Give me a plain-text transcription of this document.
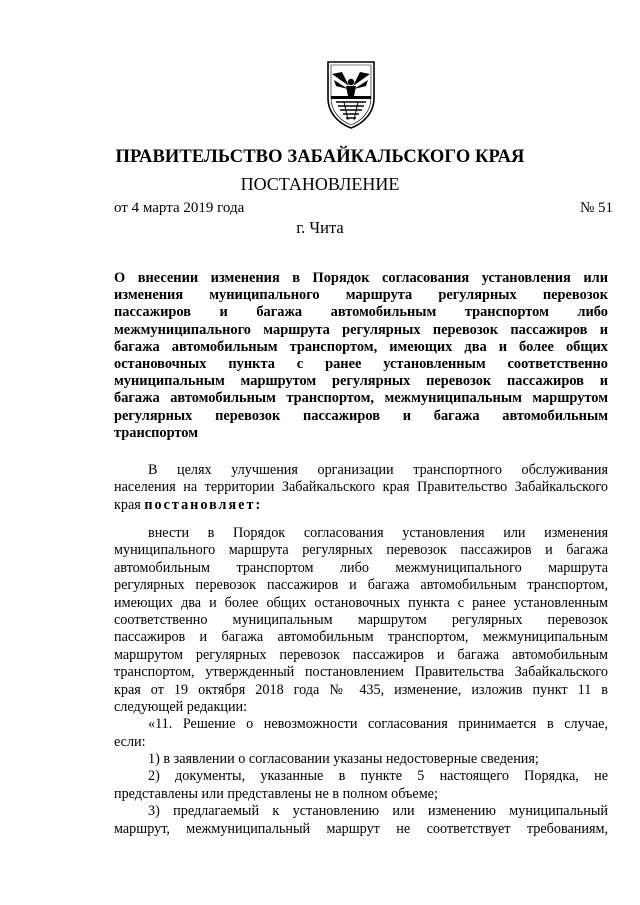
ПРАВИТЕЛЬСТВО ЗАБАЙКАЛЬСКОГО КРАЯ
ПОСТАНОВЛЕНИЕ
от 4 марта 2019 года	№ 51
г. Чита
О внесении изменения в Порядок согласования установления или
изменения муниципального маршрута регулярных перевозок
пассажиров и багажа автомобильным транспортом либо
межмуниципального маршрута регулярных перевозок пассажиров и
багажа автомобильным транспортом, имеющих два и более общих
остановочных пункта с ранее установленным соответственно
муниципальным маршрутом регулярных перевозок пассажиров и
багажа автомобильным транспортом, межмуниципальным маршрутом
регулярных перевозок пассажиров и багажа автомобильным
транспортом
В целях улучшения организации транспортного обслуживания
населения на территории Забайкальского края Правительство Забайкальского
края постановляет:
внести в Порядок согласования установления или изменения
муниципального маршрута регулярных перевозок пассажиров и багажа
автомобильным транспортом либо межмуниципального маршрута
регулярных перевозок пассажиров и багажа автомобильным транспортом,
имеющих два и более общих остановочных пункта с ранее установленным
соответственно муниципальным маршрутом регулярных перевозок
пассажиров и багажа автомобильным транспортом, межмуниципальным
маршрутом регулярных перевозок пассажиров и багажа автомобильным
транспортом, утвержденный постановлением Правительства Забайкальского
края от 19 октября 2018 года № 435, изменение, изложив пункт 11 в
следующей редакции:
«11. Решение о невозможности согласования принимается в случае,
если:
1) в заявлении о согласовании указаны недостоверные сведения;
2) документы, указанные в пункте 5 настоящего Порядка, не
представлены или представлены не в полном объеме;
3) предлагаемый к установлению или изменению муниципальный
маршрут, межмуниципальный маршрут не соответствует требованиям,
